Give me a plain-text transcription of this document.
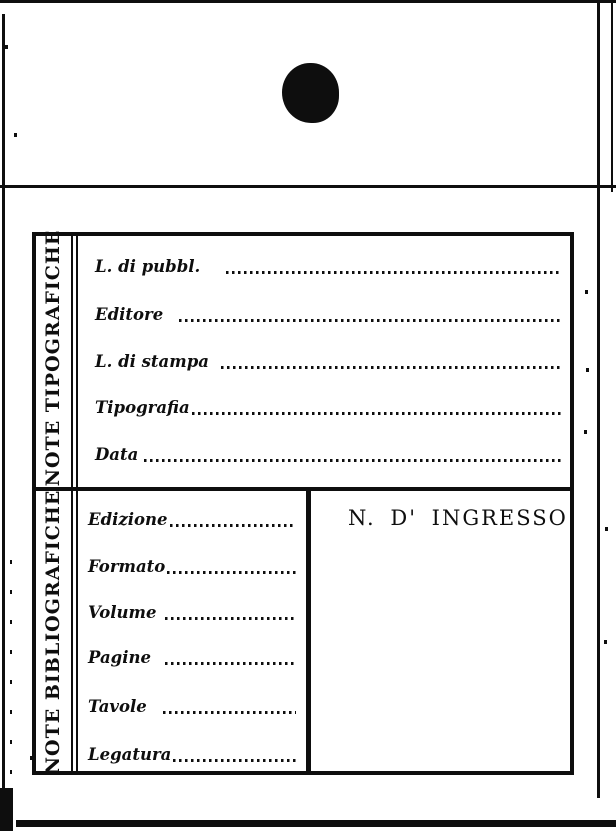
NOTE TIPOGRAFICHE
NOTE BIBLIOGRAFICHE
L. di pubbl.
Editore
L. di stampa
Tipografia
Data
Edizione
Formato
Volume
Pagine
Tavole
Legatura
N. D' INGRESSO
